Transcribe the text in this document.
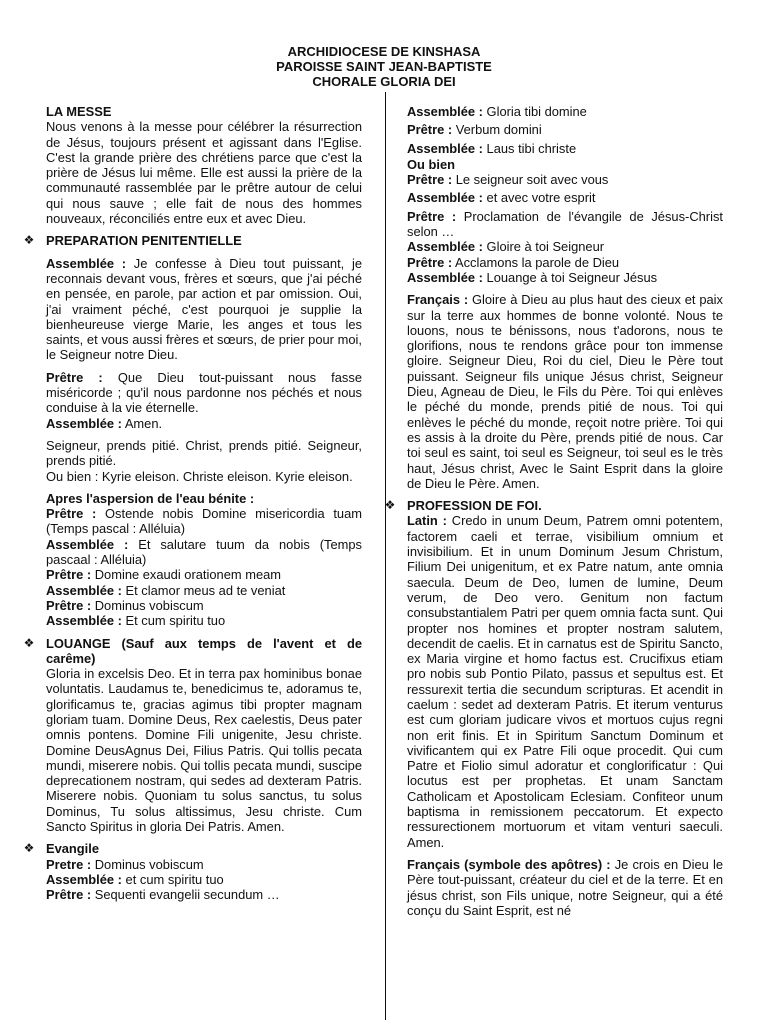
ARCHIDIOCESE DE KINSHASA
PAROISSE SAINT JEAN-BAPTISTE
CHORALE GLORIA DEI

LA MESSE

Nous venons à la messe pour célébrer la résurrection de Jésus, toujours présent et agissant dans l'Eglise. C'est la grande prière des chrétiens parce que c'est la prière de Jésus lui même. Elle est aussi la prière de la communauté rassemblée par le prêtre autour de celui qui nous sauve ; elle fait de nous des hommes nouveaux, réconciliés entre eux et avec Dieu.

❖ PREPARATION PENITENTIELLE

Assemblée : Je confesse à Dieu tout puissant, je reconnais devant vous, frères et sœurs, que j'ai péché en pensée, en parole, par action et par omission. Oui, j'ai vraiment péché, c'est pourquoi je supplie la bienheureuse vierge Marie, les anges et tous les saints, et vous aussi frères et sœurs, de prier pour moi, le Seigneur notre Dieu.

Prêtre : Que Dieu tout-puissant nous fasse miséricorde ; qu'il nous pardonne nos péchés et nous conduise à la vie éternelle.

Assemblée : Amen.

Seigneur, prends pitié. Christ, prends pitié. Seigneur, prends pitié.

Ou bien : Kyrie eleison. Christe eleison. Kyrie eleison.

Apres l'aspersion de l'eau bénite :

Prêtre : Ostende nobis Domine misericordia tuam (Temps pascal : Alléluia)

Assemblée : Et salutare tuum da nobis (Temps pascaal : Alléluia)

Prêtre : Domine exaudi orationem meam

Assemblée : Et clamor meus ad te veniat

Prêtre : Dominus vobiscum

Assemblée : Et cum spiritu tuo

❖ LOUANGE (Sauf aux temps de l'avent et de carême)

Gloria in excelsis Deo. Et in terra pax hominibus bonae voluntatis. Laudamus te, benedicimus te, adoramus te, glorificamus te, gracias agimus tibi propter magnam gloriam tuam. Domine Deus, Rex caelestis, Deus pater omnis pontens. Domine Fili unigenite, Jesu christe. Domine DeusAgnus Dei, Filius Patris. Qui tollis pecata mundi, miserere nobis. Qui tollis pecata mundi, suscipe deprecationem nostram, qui sedes ad dexteram Patris. Miserere nobis. Quoniam tu solus sanctus, tu solus Dominus, Tu solus altissimus, Jesu christe. Cum Sancto Spiritus in gloria Dei Patris. Amen.

❖ Evangile

Pretre : Dominus vobiscum

Assemblée : et cum spiritu tuo

Prêtre : Sequenti evangelii secundum …

Assemblée : Gloria tibi domine

Prêtre : Verbum domini

Assemblée : Laus tibi christe

Ou bien

Prêtre : Le seigneur soit avec vous

Assemblée : et avec votre esprit

Prêtre : Proclamation de l'évangile de Jésus-Christ selon …

Assemblée : Gloire à toi Seigneur

Prêtre : Acclamons la parole de Dieu

Assemblée : Louange à toi Seigneur Jésus

Français : Gloire à Dieu au plus haut des cieux et paix sur la terre aux hommes de bonne volonté. Nous te louons, nous te bénissons, nous t'adorons, nous te glorifions, nous te rendons grâce pour ton immense gloire. Seigneur Dieu, Roi du ciel, Dieu le Père tout puissant. Seigneur fils unique Jésus christ, Seigneur Dieu, Agneau de Dieu, le Fils du Père. Toi qui enlèves le péché du monde, prends pitié de nous. Toi qui enlèves le péché du monde, reçoit notre prière. Toi qui es assis à la droite du Père, prends pitié de nous. Car toi seul es saint, toi seul es Seigneur, toi seul es le très haut, Jésus christ, Avec le Saint Esprit dans la gloire de Dieu le Père. Amen.

❖ PROFESSION DE FOI.

Latin : Credo in unum Deum, Patrem omni potentem, factorem caeli et terrae, visibilium omnium et invisibilium. Et in unum Dominum Jesum Christum, Filium Dei unigenitum, et ex Patre natum, ante omnia saecula. Deum de Deo, lumen de lumine, Deum verum, de Deo vero. Genitum non factum consubstantialem Patri per quem omnia facta sunt. Qui propter nos homines et propter nostram salutem, decendit de caelis. Et in carnatus est de Spiritu Sancto, ex Maria virgine et homo factus est. Crucifixus etiam pro nobis sub Pontio Pilato, passus et sepultus est. Et ressurexit tertia die secundum scripturas. Et acendit in caelum : sedet ad dexteram Patris. Et iterum venturus est cum gloriam judicare vivos et mortuos cujus regni non erit finis. Et in Spiritum Sanctum Dominum et vivificantem qui ex Patre Fili oque procedit. Qui cum Patre et Fiolio simul adoratur et conglorificatur : Qui locutus est per prophetas. Et unam Sanctam Catholicam et Apostolicam Eclesiam. Confiteor unum baptisma in remissionem peccatorum. Et expecto ressurectionem mortuorum et vitam venturi saeculi. Amen.

Français (symbole des apôtres) : Je crois en Dieu le Père tout-puissant, créateur du ciel et de la terre. Et en jésus christ, son Fils unique, notre Seigneur, qui a été conçu du Saint Esprit, est né
